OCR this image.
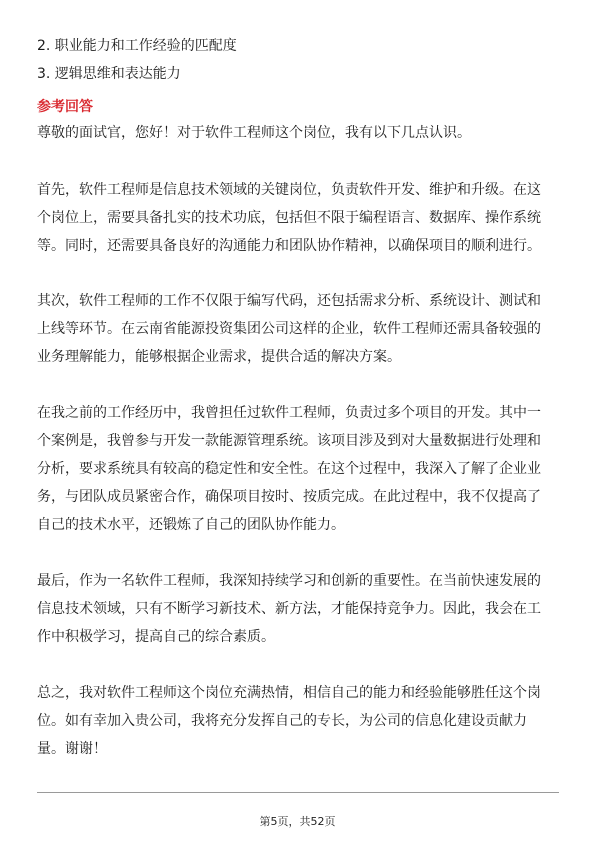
2. 职业能力和工作经验的匹配度
3. 逻辑思维和表达能力
参考回答
尊敬的面试官，您好！对于软件工程师这个岗位，我有以下几点认识。
首先，软件工程师是信息技术领域的关键岗位，负责软件开发、维护和升级。在这
个岗位上，需要具备扎实的技术功底，包括但不限于编程语言、数据库、操作系统
等。同时，还需要具备良好的沟通能力和团队协作精神，以确保项目的顺利进行。
其次，软件工程师的工作不仅限于编写代码，还包括需求分析、系统设计、测试和
上线等环节。在云南省能源投资集团公司这样的企业，软件工程师还需具备较强的
业务理解能力，能够根据企业需求，提供合适的解决方案。
在我之前的工作经历中，我曾担任过软件工程师，负责过多个项目的开发。其中一
个案例是，我曾参与开发一款能源管理系统。该项目涉及到对大量数据进行处理和
分析，要求系统具有较高的稳定性和安全性。在这个过程中，我深入了解了企业业
务，与团队成员紧密合作，确保项目按时、按质完成。在此过程中，我不仅提高了
自己的技术水平，还锻炼了自己的团队协作能力。
最后，作为一名软件工程师，我深知持续学习和创新的重要性。在当前快速发展的
信息技术领域，只有不断学习新技术、新方法，才能保持竞争力。因此，我会在工
作中积极学习，提高自己的综合素质。
总之，我对软件工程师这个岗位充满热情，相信自己的能力和经验能够胜任这个岗
位。如有幸加入贵公司，我将充分发挥自己的专长，为公司的信息化建设贡献力
量。谢谢！
第5页，共52页
